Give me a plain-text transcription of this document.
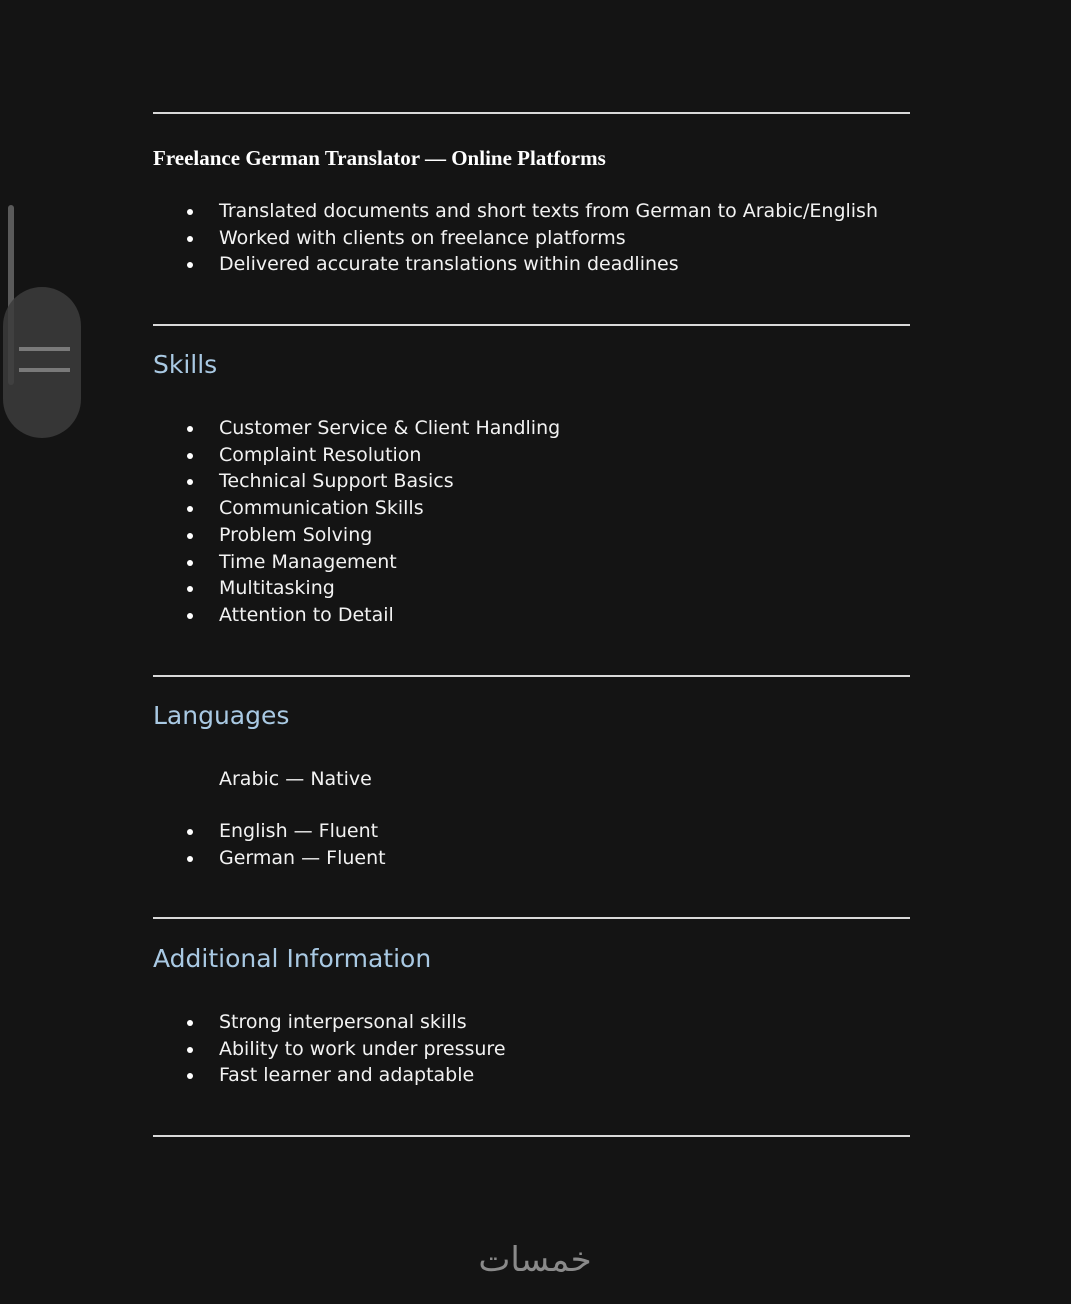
Freelance German Translator — Online Platforms
Translated documents and short texts from German to Arabic/English
Worked with clients on freelance platforms
Delivered accurate translations within deadlines
Skills
Customer Service & Client Handling
Complaint Resolution
Technical Support Basics
Communication Skills
Problem Solving
Time Management
Multitasking
Attention to Detail
Languages

Arabic — Native

English — Fluent
German — Fluent
Additional Information
Strong interpersonal skills
Ability to work under pressure
Fast learner and adaptable
خمسات
